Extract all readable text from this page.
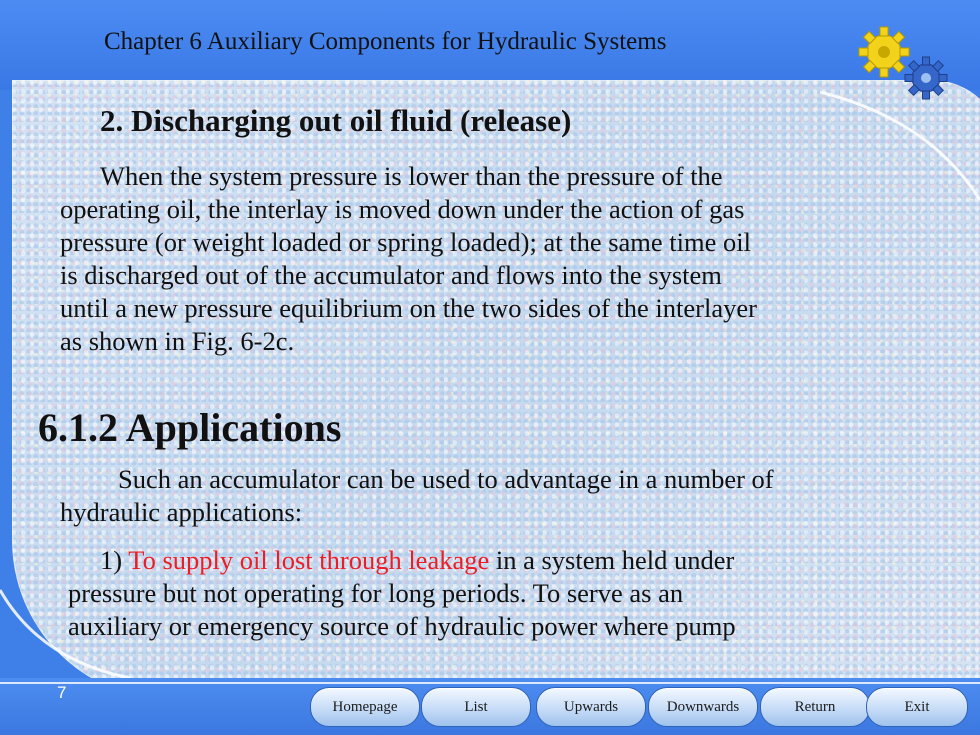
Chapter 6 Auxiliary Components for Hydraulic Systems
2. Discharging out oil fluid (release)
When the system pressure is lower than the pressure of the
operating oil, the interlay is moved down under the action of gas
pressure (or weight loaded or spring loaded); at the same time oil
is discharged out of the accumulator and flows into the system
until a new pressure equilibrium on the two sides of the interlayer
as shown in Fig. 6-2c.
6.1.2 Applications
Such an accumulator can be used to advantage in a number of
hydraulic applications:
1) To supply oil lost through leakage in a system held under
pressure but not operating for long periods. To serve as an
auxiliary or emergency source of hydraulic power where pump
7
Homepage	List	Upwards	Downwards	Return	Exit
